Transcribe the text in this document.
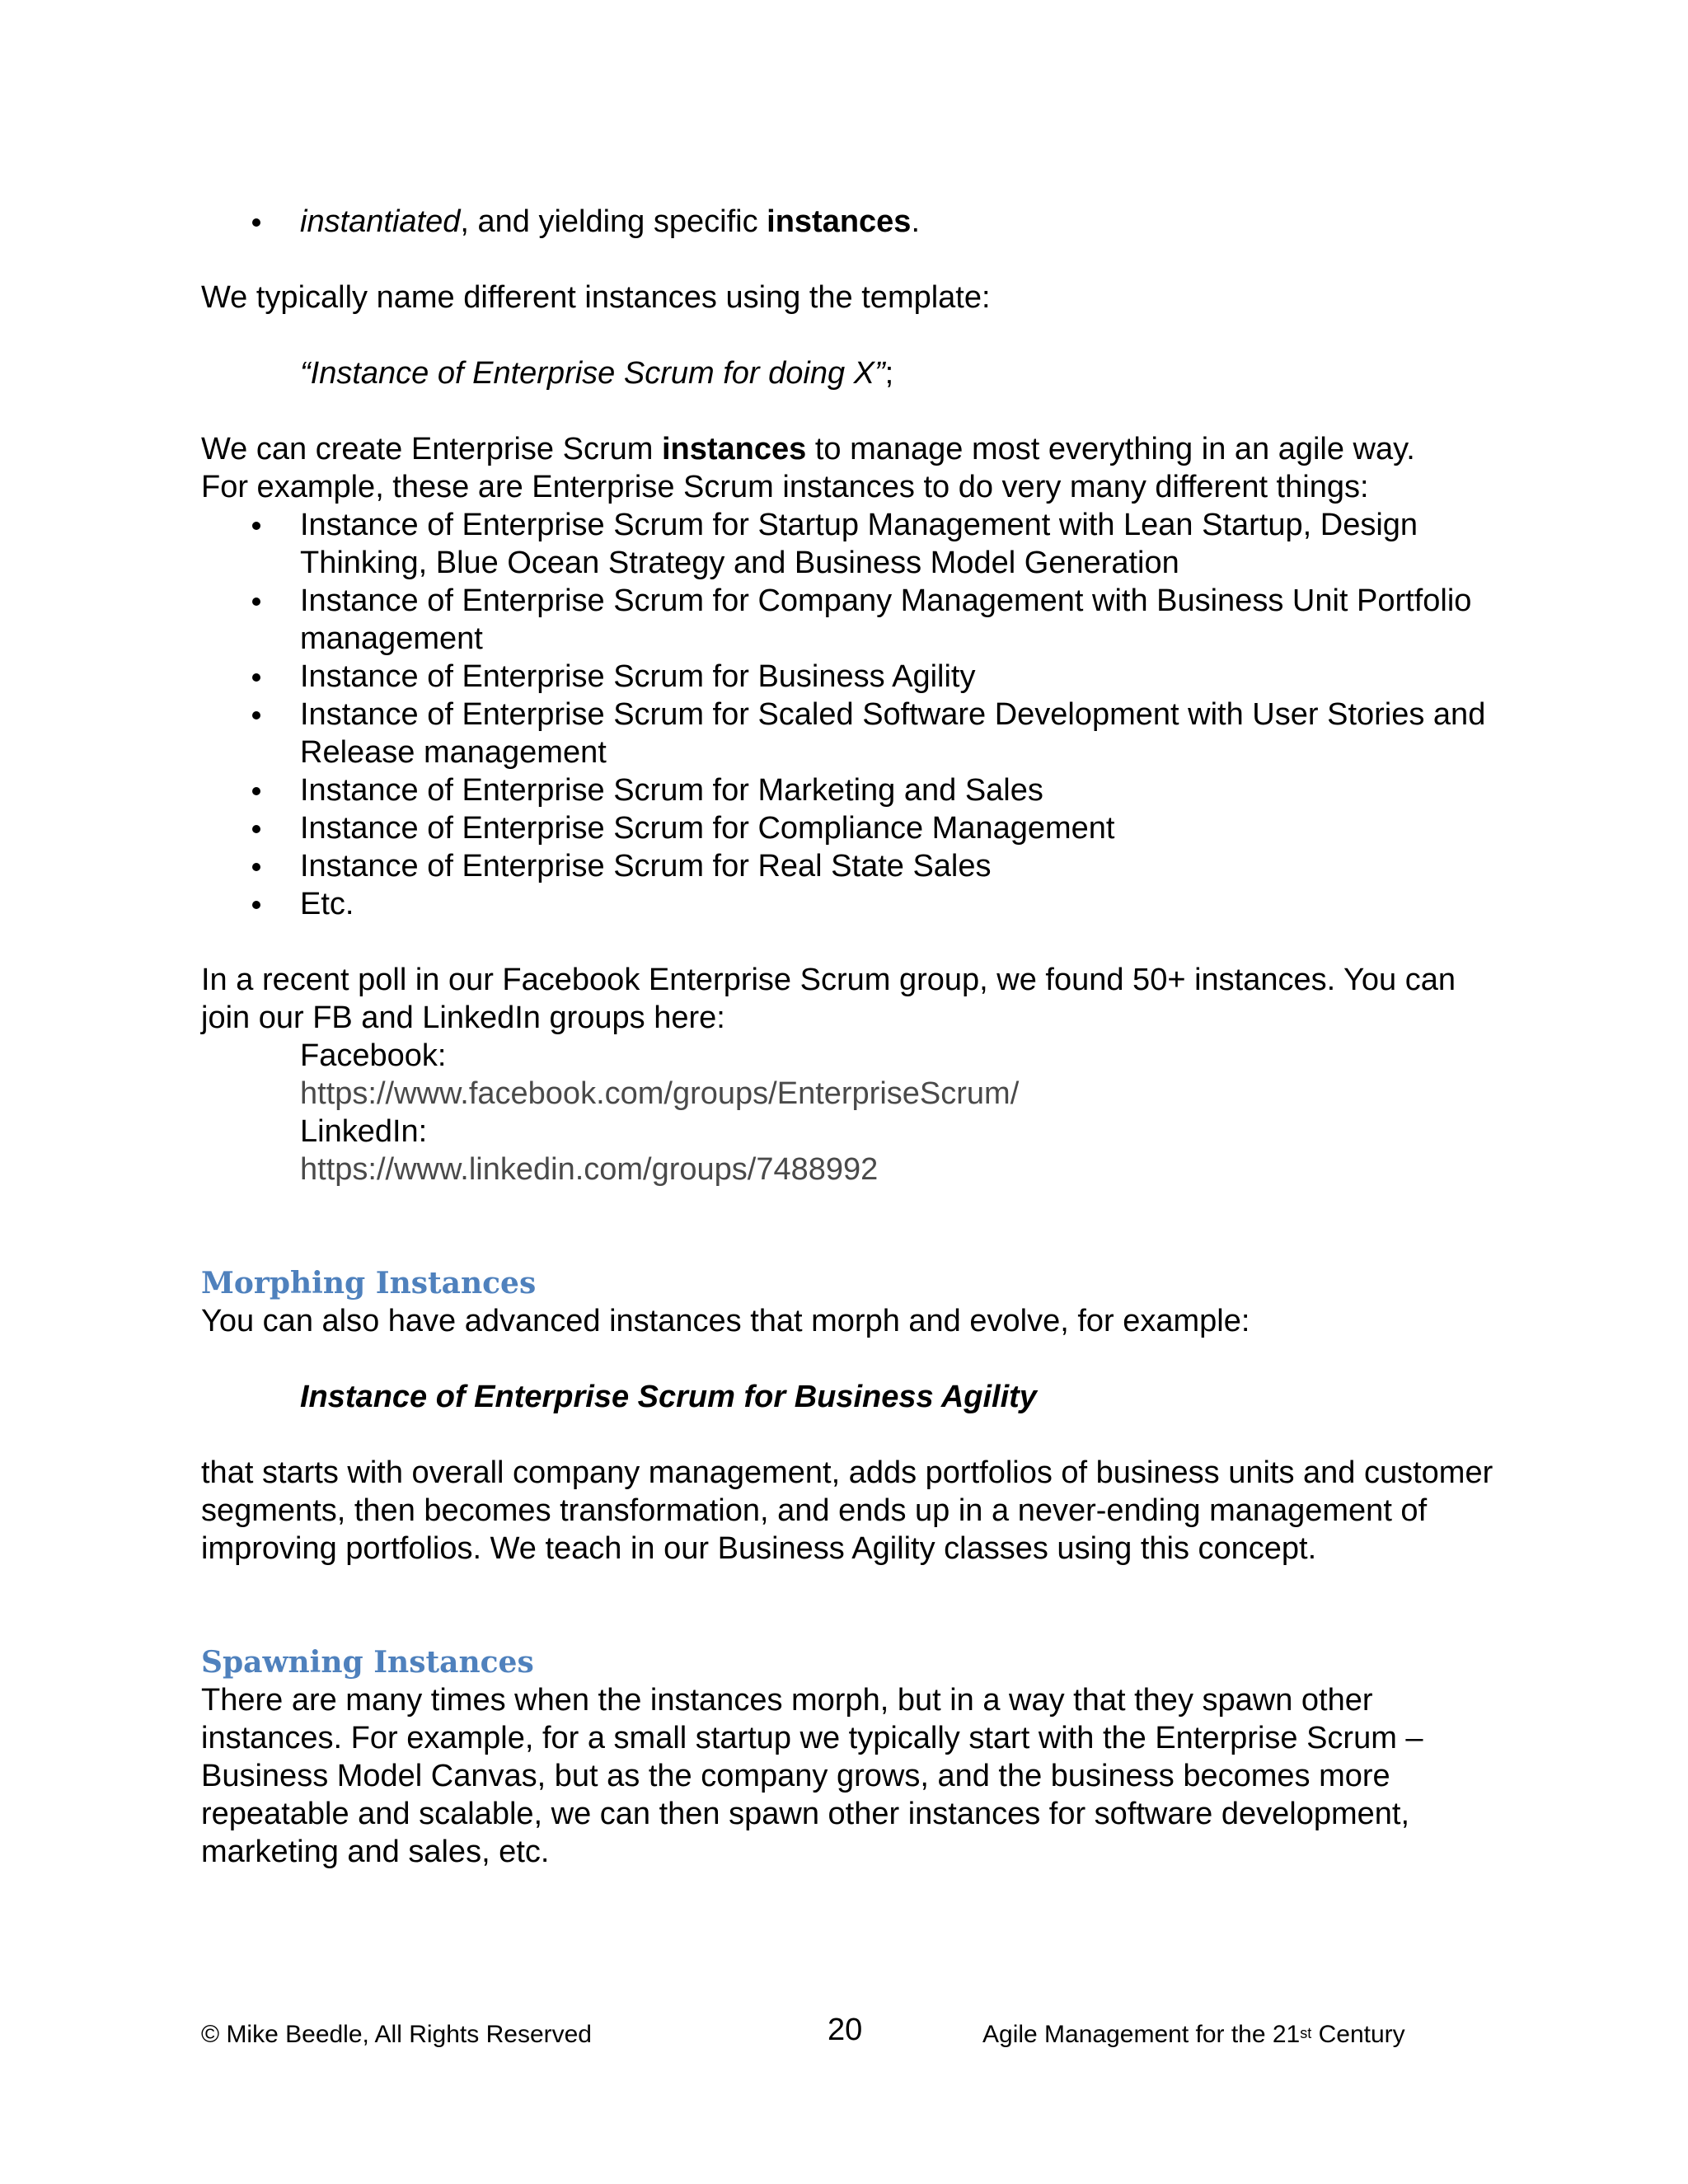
instantiated, and yielding specific instances.

We typically name different instances using the template:

“Instance of Enterprise Scrum for doing X”;

We can create Enterprise Scrum instances to manage most everything in an agile way.

For example, these are Enterprise Scrum instances to do very many different things:

Instance of Enterprise Scrum for Startup Management with Lean Startup, Design Thinking, Blue Ocean Strategy and Business Model Generation
Instance of Enterprise Scrum for Company Management with Business Unit Portfolio management
Instance of Enterprise Scrum for Business Agility
Instance of Enterprise Scrum for Scaled Software Development with User Stories and Release management
Instance of Enterprise Scrum for Marketing and Sales
Instance of Enterprise Scrum for Compliance Management
Instance of Enterprise Scrum for Real State Sales
Etc.

In a recent poll in our Facebook Enterprise Scrum group, we found 50+ instances. You can join our FB and LinkedIn groups here:

Facebook:
https://www.facebook.com/groups/EnterpriseScrum/
LinkedIn:
https://www.linkedin.com/groups/7488992
Morphing Instances

You can also have advanced instances that morph and evolve, for example:

Instance of Enterprise Scrum for Business Agility

that starts with overall company management, adds portfolios of business units and customer segments, then becomes transformation, and ends up in a never-ending management of improving portfolios. We teach in our Business Agility classes using this concept.

Spawning Instances

There are many times when the instances morph, but in a way that they spawn other instances. For example, for a small startup we typically start with the Enterprise Scrum – Business Model Canvas, but as the company grows, and the business becomes more repeatable and scalable, we can then spawn other instances for software development, marketing and sales, etc.

© Mike Beedle, All Rights Reserved	20	Agile Management for the 21st Century
